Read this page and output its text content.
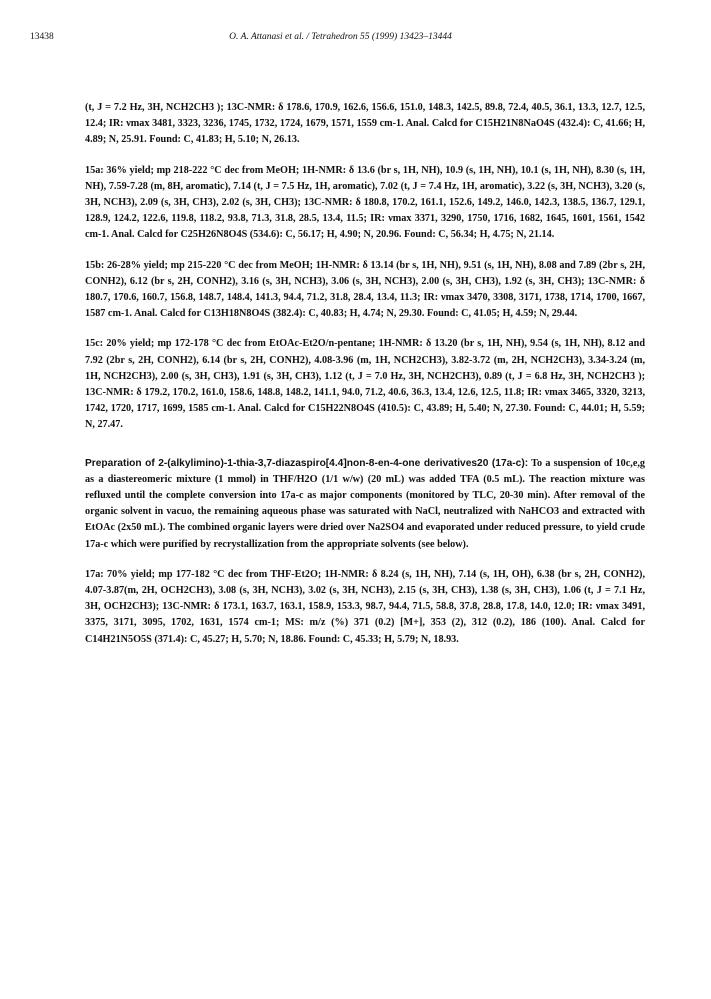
13438	O. A. Attanasi et al. / Tetrahedron 55 (1999) 13423–13444

(t, J = 7.2 Hz, 3H, NCH2CH3 ); 13C-NMR: δ 178.6, 170.9, 162.6, 156.6, 151.0, 148.3, 142.5, 89.8, 72.4, 40.5, 36.1, 13.3, 12.7, 12.5, 12.4; IR: νmax 3481, 3323, 3236, 1745, 1732, 1724, 1679, 1571, 1559 cm-1. Anal. Calcd for C15H21N8NaO4S (432.4): C, 41.66; H, 4.89; N, 25.91. Found: C, 41.83; H, 5.10; N, 26.13.

15a: 36% yield; mp 218-222 °C dec from MeOH; 1H-NMR: δ 13.6 (br s, 1H, NH), 10.9 (s, 1H, NH), 10.1 (s, 1H, NH), 8.30 (s, 1H, NH), 7.59-7.28 (m, 8H, aromatic), 7.14 (t, J = 7.5 Hz, 1H, aromatic), 7.02 (t, J = 7.4 Hz, 1H, aromatic), 3.22 (s, 3H, NCH3), 3.20 (s, 3H, NCH3), 2.09 (s, 3H, CH3), 2.02 (s, 3H, CH3); 13C-NMR: δ 180.8, 170.2, 161.1, 152.6, 149.2, 146.0, 142.3, 138.5, 136.7, 129.1, 128.9, 124.2, 122.6, 119.8, 118.2, 93.8, 71.3, 31.8, 28.5, 13.4, 11.5; IR: νmax 3371, 3290, 1750, 1716, 1682, 1645, 1601, 1561, 1542 cm-1. Anal. Calcd for C25H26N8O4S (534.6): C, 56.17; H, 4.90; N, 20.96. Found: C, 56.34; H, 4.75; N, 21.14.

15b: 26-28% yield; mp 215-220 °C dec from MeOH; 1H-NMR: δ 13.14 (br s, 1H, NH), 9.51 (s, 1H, NH), 8.08 and 7.89 (2br s, 2H, CONH2), 6.12 (br s, 2H, CONH2), 3.16 (s, 3H, NCH3), 3.06 (s, 3H, NCH3), 2.00 (s, 3H, CH3), 1.92 (s, 3H, CH3); 13C-NMR: δ 180.7, 170.6, 160.7, 156.8, 148.7, 148.4, 141.3, 94.4, 71.2, 31.8, 28.4, 13.4, 11.3; IR: νmax 3470, 3308, 3171, 1738, 1714, 1700, 1667, 1587 cm-1. Anal. Calcd for C13H18N8O4S (382.4): C, 40.83; H, 4.74; N, 29.30. Found: C, 41.05; H, 4.59; N, 29.44.

15c: 20% yield; mp 172-178 °C dec from EtOAc-Et2O/n-pentane; 1H-NMR: δ 13.20 (br s, 1H, NH), 9.54 (s, 1H, NH), 8.12 and 7.92 (2br s, 2H, CONH2), 6.14 (br s, 2H, CONH2), 4.08-3.96 (m, 1H, NCH2CH3), 3.82-3.72 (m, 2H, NCH2CH3), 3.34-3.24 (m, 1H, NCH2CH3), 2.00 (s, 3H, CH3), 1.91 (s, 3H, CH3), 1.12 (t, J = 7.0 Hz, 3H, NCH2CH3), 0.89 (t, J = 6.8 Hz, 3H, NCH2CH3 ); 13C-NMR: δ 179.2, 170.2, 161.0, 158.6, 148.8, 148.2, 141.1, 94.0, 71.2, 40.6, 36.3, 13.4, 12.6, 12.5, 11.8; IR: νmax 3465, 3320, 3213, 1742, 1720, 1717, 1699, 1585 cm-1. Anal. Calcd for C15H22N8O4S (410.5): C, 43.89; H, 5.40; N, 27.30. Found: C, 44.01; H, 5.59; N, 27.47.

Preparation of 2-(alkylimino)-1-thia-3,7-diazaspiro[4.4]non-8-en-4-one derivatives20 (17a-c): To a suspension of 10c,e,g as a diastereomeric mixture (1 mmol) in THF/H2O (1/1 w/w) (20 mL) was added TFA (0.5 mL). The reaction mixture was refluxed until the complete conversion into 17a-c as major components (monitored by TLC, 20-30 min). After removal of the organic solvent in vacuo, the remaining aqueous phase was saturated with NaCl, neutralized with NaHCO3 and extracted with EtOAc (2x50 mL). The combined organic layers were dried over Na2SO4 and evaporated under reduced pressure, to yield crude 17a-c which were purified by recrystallization from the appropriate solvents (see below).

17a: 70% yield; mp 177-182 °C dec from THF-Et2O; 1H-NMR: δ 8.24 (s, 1H, NH), 7.14 (s, 1H, OH), 6.38 (br s, 2H, CONH2), 4.07-3.87(m, 2H, OCH2CH3), 3.08 (s, 3H, NCH3), 3.02 (s, 3H, NCH3), 2.15 (s, 3H, CH3), 1.38 (s, 3H, CH3), 1.06 (t, J = 7.1 Hz, 3H, OCH2CH3); 13C-NMR: δ 173.1, 163.7, 163.1, 158.9, 153.3, 98.7, 94.4, 71.5, 58.8, 37.8, 28.8, 17.8, 14.0, 12.0; IR: νmax 3491, 3375, 3171, 3095, 1702, 1631, 1574 cm-1; MS: m/z (%) 371 (0.2) [M+], 353 (2), 312 (0.2), 186 (100). Anal. Calcd for C14H21N5O5S (371.4): C, 45.27; H, 5.70; N, 18.86. Found: C, 45.33; H, 5.79; N, 18.93.
